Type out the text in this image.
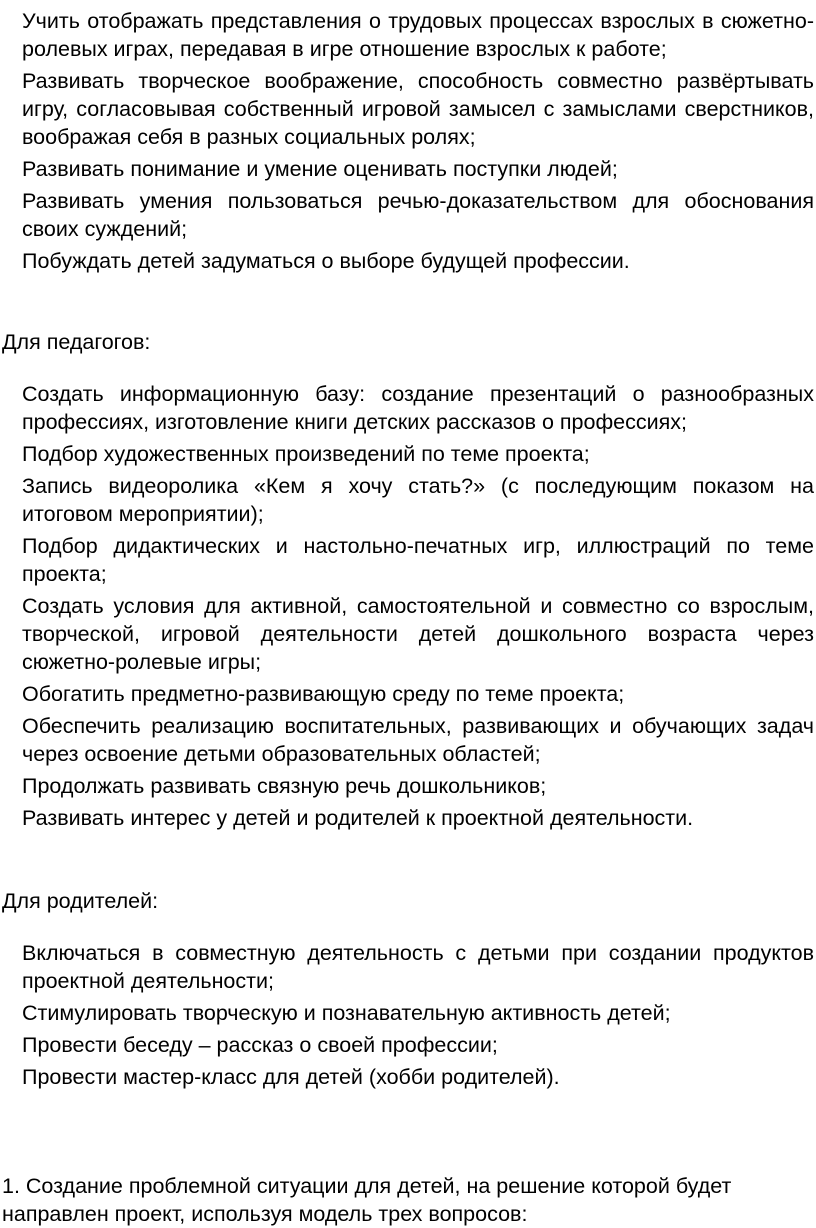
Учить отображать представления о трудовых процессах взрослых в сюжетно-ролевых играх, передавая в игре отношение взрослых к работе;
Развивать творческое воображение, способность совместно развёртывать игру, согласовывая собственный игровой замысел с замыслами сверстников, воображая себя в разных социальных ролях;
Развивать понимание и умение оценивать поступки людей;
Развивать умения пользоваться речью-доказательством для обоснования своих суждений;
Побуждать детей задуматься о выборе будущей профессии.

Для педагогов:

Создать информационную базу: создание презентаций о разнообразных профессиях, изготовление книги детских рассказов о профессиях;
Подбор художественных произведений по теме проекта;
Запись видеоролика «Кем я хочу стать?» (с последующим показом на итоговом мероприятии);
Подбор дидактических и настольно-печатных игр, иллюстраций по теме проекта;
Создать условия для активной, самостоятельной и совместно со взрослым, творческой, игровой деятельности детей дошкольного возраста через сюжетно-ролевые игры;
Обогатить предметно-развивающую среду по теме проекта;
Обеспечить реализацию воспитательных, развивающих и обучающих задач через освоение детьми образовательных областей;
Продолжать развивать связную речь дошкольников;
Развивать интерес у детей и родителей к проектной деятельности.

Для родителей:

Включаться в совместную деятельность с детьми при создании продуктов проектной деятельности;
Стимулировать творческую и познавательную активность детей;
Провести беседу – рассказ о своей профессии;
Провести мастер-класс для детей (хобби родителей).

1. Создание проблемной ситуации для детей, на решение которой будет направлен проект, используя модель трех вопросов:
